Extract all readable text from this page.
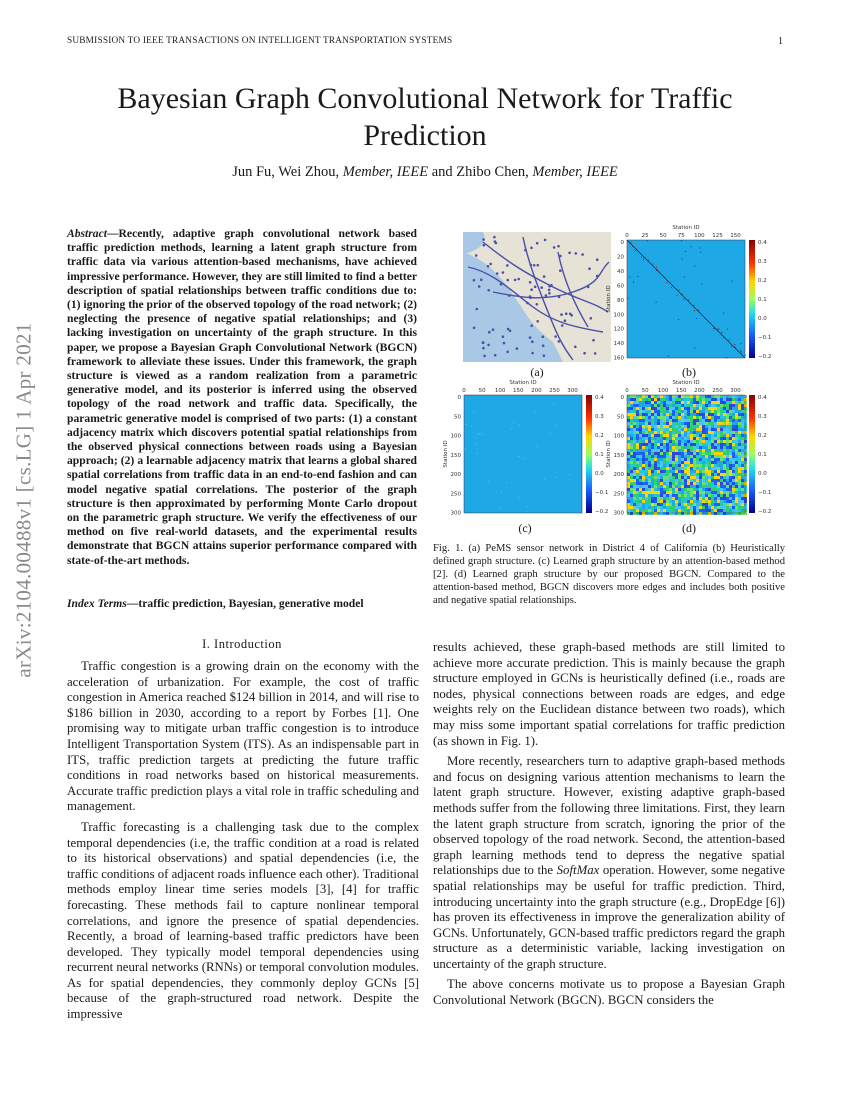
SUBMISSION TO IEEE TRANSACTIONS ON INTELLIGENT TRANSPORTATION SYSTEMS	1
Bayesian Graph Convolutional Network for Traffic
Prediction
Jun Fu, Wei Zhou, Member, IEEE and Zhibo Chen, Member, IEEE
arXiv:2104.00488v1 [cs.LG] 1 Apr 2021
Abstract—Recently, adaptive graph convolutional network based traffic prediction methods, learning a latent graph structure from traffic data via various attention-based mechanisms, have achieved impressive performance. However, they are still limited to find a better description of spatial relationships between traffic conditions due to: (1) ignoring the prior of the observed topology of the road network; (2) neglecting the presence of negative spatial relationships; and (3) lacking investigation on uncertainty of the graph structure. In this paper, we propose a Bayesian Graph Convolutional Network (BGCN) framework to alleviate these issues. Under this framework, the graph structure is viewed as a random realization from a parametric generative model, and its posterior is inferred using the observed topology of the road network and traffic data. Specifically, the parametric generative model is comprised of two parts: (1) a constant adjacency matrix which discovers potential spatial relationships from the observed physical connections between roads using a Bayesian approach; (2) a learnable adjacency matrix that learns a global shared spatial correlations from traffic data in an end-to-end fashion and can model negative spatial correlations. The posterior of the graph structure is then approximated by performing Monte Carlo dropout on the parametric graph structure. We verify the effectiveness of our method on five real-world datasets, and the experimental results demonstrate that BGCN attains superior performance compared with state-of-the-art methods.
Index Terms—traffic prediction, Bayesian, generative model
I. Introduction

Traffic congestion is a growing drain on the economy with the acceleration of urbanization. For example, the cost of traffic congestion in America reached $124 billion in 2014, and will rise to $186 billion in 2030, according to a report by Forbes [1]. One promising way to mitigate urban traffic congestion is to introduce Intelligent Transportation System (ITS). As an indispensable part in ITS, traffic prediction targets at predicting the future traffic conditions in road networks based on historical measurements. Accurate traffic prediction plays a vital role in traffic scheduling and management.

Traffic forecasting is a challenging task due to the complex temporal dependencies (i.e, the traffic condition at a road is related to its historical observations) and spatial dependencies (i.e, the traffic conditions of adjacent roads influence each other). Traditional methods employ linear time series models [3], [4] for traffic forecasting. These methods fail to capture nonlinear temporal correlations, and ignore the presence of spatial dependencies. Recently, a broad of learning-based traffic predictors have been developed. They typically model temporal dependencies using recurrent neural networks (RNNs) or temporal convolution modules. As for spatial dependencies, they commonly deploy GCNs [5] because of the graph-structured road network. Despite the impressive

results achieved, these graph-based methods are still limited to achieve more accurate prediction. This is mainly because the graph structure employed in GCNs is heuristically defined (i.e., roads are nodes, physical connections between roads are edges, and edge weights rely on the Euclidean distance between two roads), which may miss some important spatial correlations for traffic prediction (as shown in Fig. 1).

More recently, researchers turn to adaptive graph-based methods and focus on designing various attention mechanisms to learn the latent graph structure. However, existing adaptive graph-based methods suffer from the following three limitations. First, they learn the latent graph structure from scratch, ignoring the prior of the observed topology of the road network. Second, the attention-based graph learning methods tend to depress the negative spatial relationships due to the SoftMax operation. However, some negative spatial relationships may be useful for traffic prediction. Third, introducing uncertainty into the graph structure (e.g., DropEdge [6]) has proven its effectiveness in improve the generalization ability of GCNs. Unfortunately, GCN-based traffic predictors regard the graph structure as a deterministic variable, lacking investigation on uncertainty of the graph structure.

The above concerns motivate us to propose a Bayesian Graph Convolutional Network (BGCN). BGCN considers the

(a)
Station ID
0 25 50 75 100 125 150
0
20
40
60
80
100
120
140
160
Station ID
0.4
0.3
0.2
0.1
0.0
−0.1
−0.2
(b)
Station ID
0 50 100 150 200 250 300
0
50
100
150
200
250
300
Station ID
0.4
0.3
0.2
0.1
0.0
−0.1
−0.2
(c)
Station ID
0 50 100 150 200 250 300
0
50
100
150
200
250
300
Station ID
0.4
0.3
0.2
0.1
0.0
−0.1
−0.2
(d)
Fig. 1. (a) PeMS sensor network in District 4 of California (b) Heuristically defined graph structure. (c) Learned graph structure by an attention-based method [2]. (d) Learned graph structure by our proposed BGCN. Compared to the attention-based method, BGCN discovers more edges and includes both positive and negative spatial relationships.
